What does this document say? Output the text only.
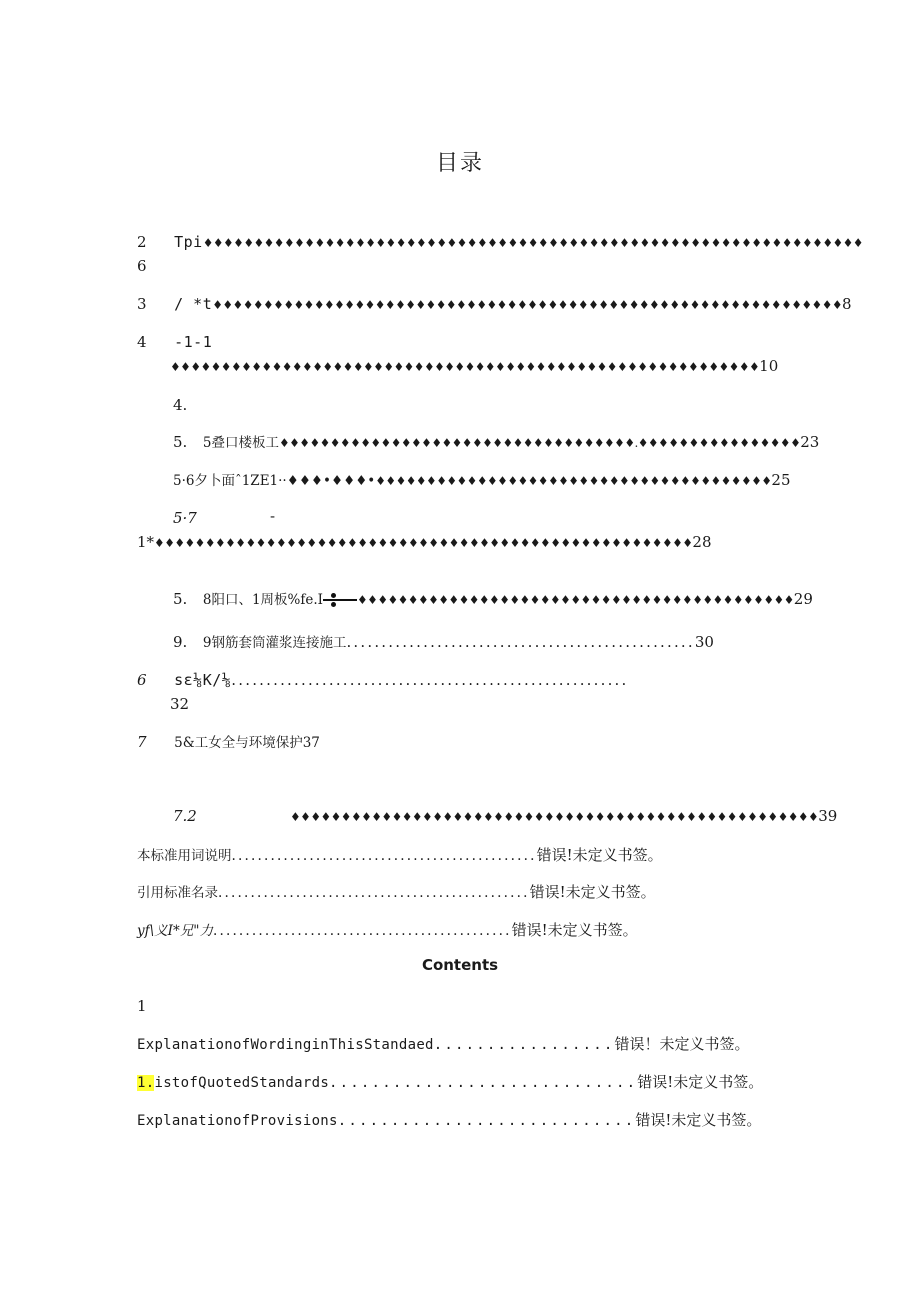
目录
2 Tpi♦♦♦♦♦♦♦♦♦♦♦♦♦♦♦♦♦♦♦♦♦♦♦♦♦♦♦♦♦♦♦♦♦♦♦♦♦♦♦♦♦♦♦♦♦♦♦♦♦♦♦♦♦♦♦♦♦♦♦♦♦♦♦♦♦
6
3 / *t♦♦♦♦♦♦♦♦♦♦♦♦♦♦♦♦♦♦♦♦♦♦♦♦♦♦♦♦♦♦♦♦♦♦♦♦♦♦♦♦♦♦♦♦♦♦♦♦♦♦♦♦♦♦♦♦♦♦♦♦♦♦8
4 -1-1
♦♦♦♦♦♦♦♦♦♦♦♦♦♦♦♦♦♦♦♦♦♦♦♦♦♦♦♦♦♦♦♦♦♦♦♦♦♦♦♦♦♦♦♦♦♦♦♦♦♦♦♦♦♦♦♦♦♦10
4.
5. 5叠口楼板工♦♦♦♦♦♦♦♦♦♦♦♦♦♦♦♦♦♦♦♦♦♦♦♦♦♦♦♦♦♦♦♦♦♦♦.♦♦♦♦♦♦♦♦♦♦♦♦♦♦♦♦23
5·6夕卜面ˆ1ZE1··♦♦♦•♦♦♦•♦♦♦♦♦♦♦♦♦♦♦♦♦♦♦♦♦♦♦♦♦♦♦♦♦♦♦♦♦♦♦♦♦♦♦♦♦♦♦25
5·7	-
1*♦♦♦♦♦♦♦♦♦♦♦♦♦♦♦♦♦♦♦♦♦♦♦♦♦♦♦♦♦♦♦♦♦♦♦♦♦♦♦♦♦♦♦♦♦♦♦♦♦♦♦♦♦28
5. 8阳口、1周板%fe.I	♦♦♦♦♦♦♦♦♦♦♦♦♦♦♦♦♦♦♦♦♦♦♦♦♦♦♦♦♦♦♦♦♦♦♦♦♦♦♦♦♦♦♦29
9. 9钢筋套筒灌浆连接施工..................................................30
6 sε⅛K/⅛.........................................................
32
7 5&工女全与环境保护37
7.2	♦♦♦♦♦♦♦♦♦♦♦♦♦♦♦♦♦♦♦♦♦♦♦♦♦♦♦♦♦♦♦♦♦♦♦♦♦♦♦♦♦♦♦♦♦♦♦♦♦♦♦♦39
本标准用词说明...............................................错误!未定义书签。
引用标准名录................................................错误!未定义书签。
yf\义I*兄"力..............................................错误!未定义书签。
Contents
1
ExplanationofWordinginThisStandaed.................错误！未定义书签。
1.istofQuotedStandards.............................错误!未定义书签。
ExplanationofProvisions............................错误!未定义书签。
